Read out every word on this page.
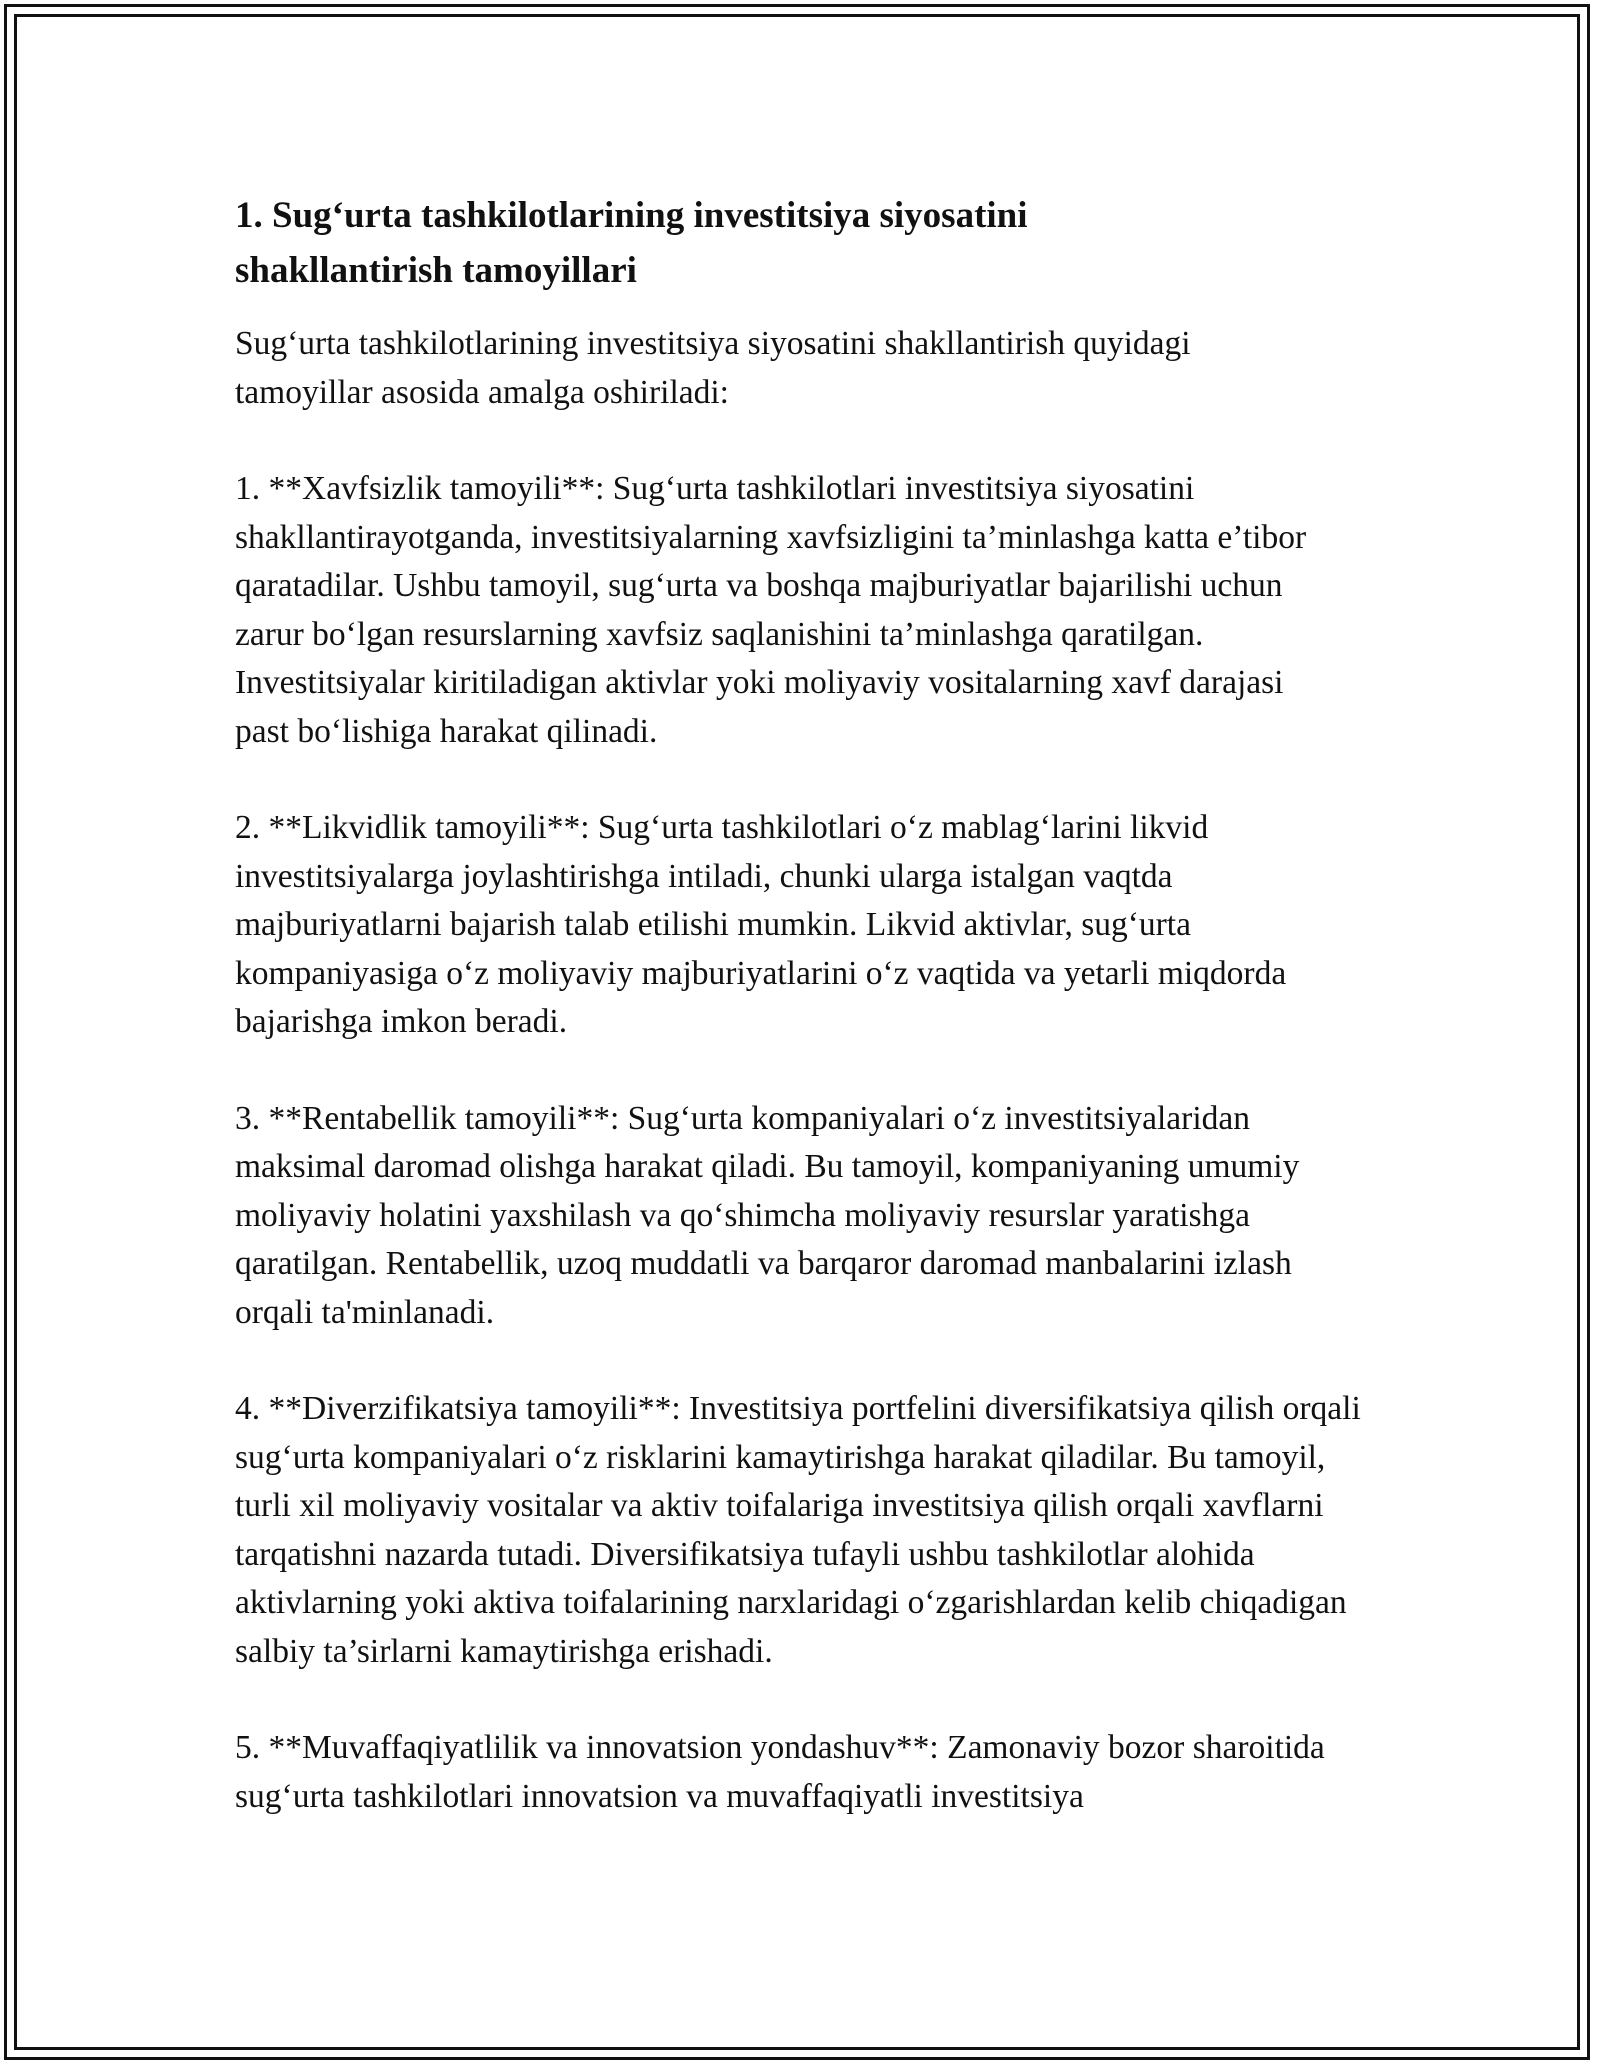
1. Sug‘urta tashkilotlarining investitsiya siyosatini shakllantirish tamoyillari

Sug‘urta tashkilotlarining investitsiya siyosatini shakllantirish quyidagi tamoyillar asosida amalga oshiriladi:

1. **Xavfsizlik tamoyili**: Sug‘urta tashkilotlari investitsiya siyosatini shakllantirayotganda, investitsiyalarning xavfsizligini ta’minlashga katta e’tibor qaratadilar. Ushbu tamoyil, sug‘urta va boshqa majburiyatlar bajarilishi uchun zarur bo‘lgan resurslarning xavfsiz saqlanishini ta’minlashga qaratilgan. Investitsiyalar kiritiladigan aktivlar yoki moliyaviy vositalarning xavf darajasi past bo‘lishiga harakat qilinadi.

2. **Likvidlik tamoyili**: Sug‘urta tashkilotlari o‘z mablag‘larini likvid investitsiyalarga joylashtirishga intiladi, chunki ularga istalgan vaqtda majburiyatlarni bajarish talab etilishi mumkin. Likvid aktivlar, sug‘urta kompaniyasiga o‘z moliyaviy majburiyatlarini o‘z vaqtida va yetarli miqdorda bajarishga imkon beradi.

3. **Rentabellik tamoyili**: Sug‘urta kompaniyalari o‘z investitsiyalaridan maksimal daromad olishga harakat qiladi. Bu tamoyil, kompaniyaning umumiy moliyaviy holatini yaxshilash va qo‘shimcha moliyaviy resurslar yaratishga qaratilgan. Rentabellik, uzoq muddatli va barqaror daromad manbalarini izlash orqali ta'minlanadi.

4. **Diverzifikatsiya tamoyili**: Investitsiya portfelini diversifikatsiya qilish orqali sug‘urta kompaniyalari o‘z risklarini kamaytirishga harakat qiladilar. Bu tamoyil, turli xil moliyaviy vositalar va aktiv toifalariga investitsiya qilish orqali xavflarni tarqatishni nazarda tutadi. Diversifikatsiya tufayli ushbu tashkilotlar alohida aktivlarning yoki aktiva toifalarining narxlaridagi o‘zgarishlardan kelib chiqadigan salbiy ta’sirlarni kamaytirishga erishadi.

5. **Muvaffaqiyatlilik va innovatsion yondashuv**: Zamonaviy bozor sharoitida sug‘urta tashkilotlari innovatsion va muvaffaqiyatli investitsiya
